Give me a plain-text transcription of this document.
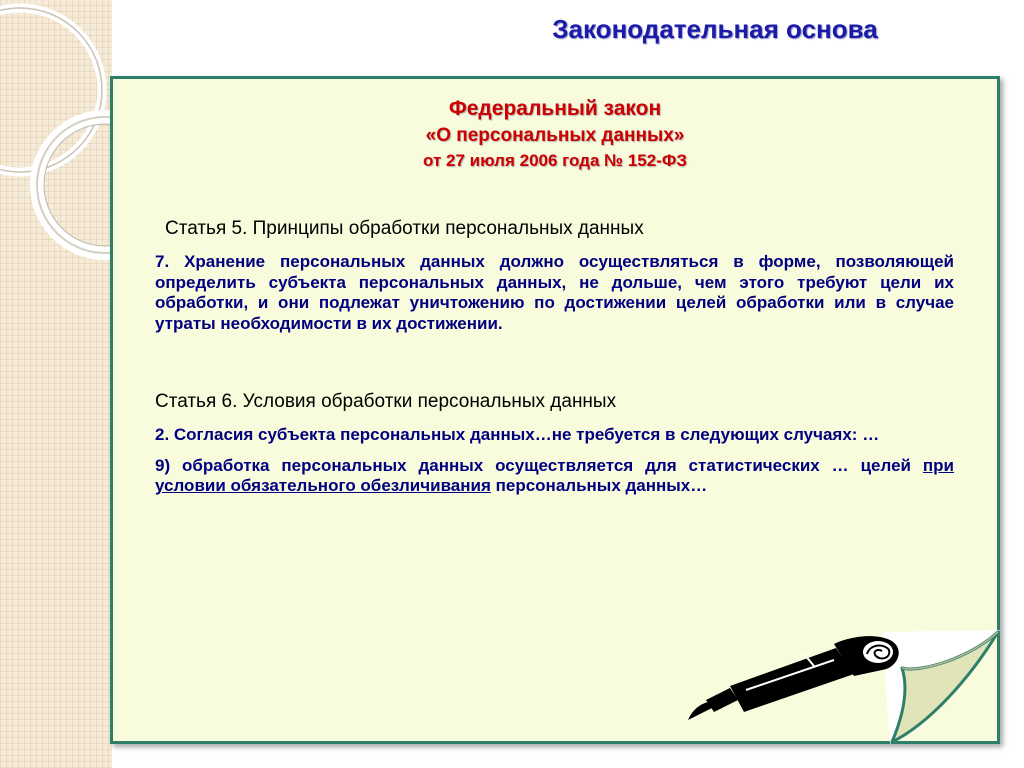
Законодательная основа
Федеральный закон
«О персональных данных»
от 27 июля 2006 года № 152-ФЗ
Статья 5. Принципы обработки персональных данных
7. Хранение персональных данных должно осуществляться в форме, позволяющей определить субъекта персональных данных, не дольше, чем этого требуют цели их обработки, и они подлежат уничтожению по достижении целей обработки или в случае утраты необходимости в их достижении.
Статья 6. Условия обработки персональных данных
2. Согласия субъекта персональных данных…не требуется в следующих случаях: …
9) обработка персональных данных осуществляется для статистических … целей при условии обязательного обезличивания персональных данных…
